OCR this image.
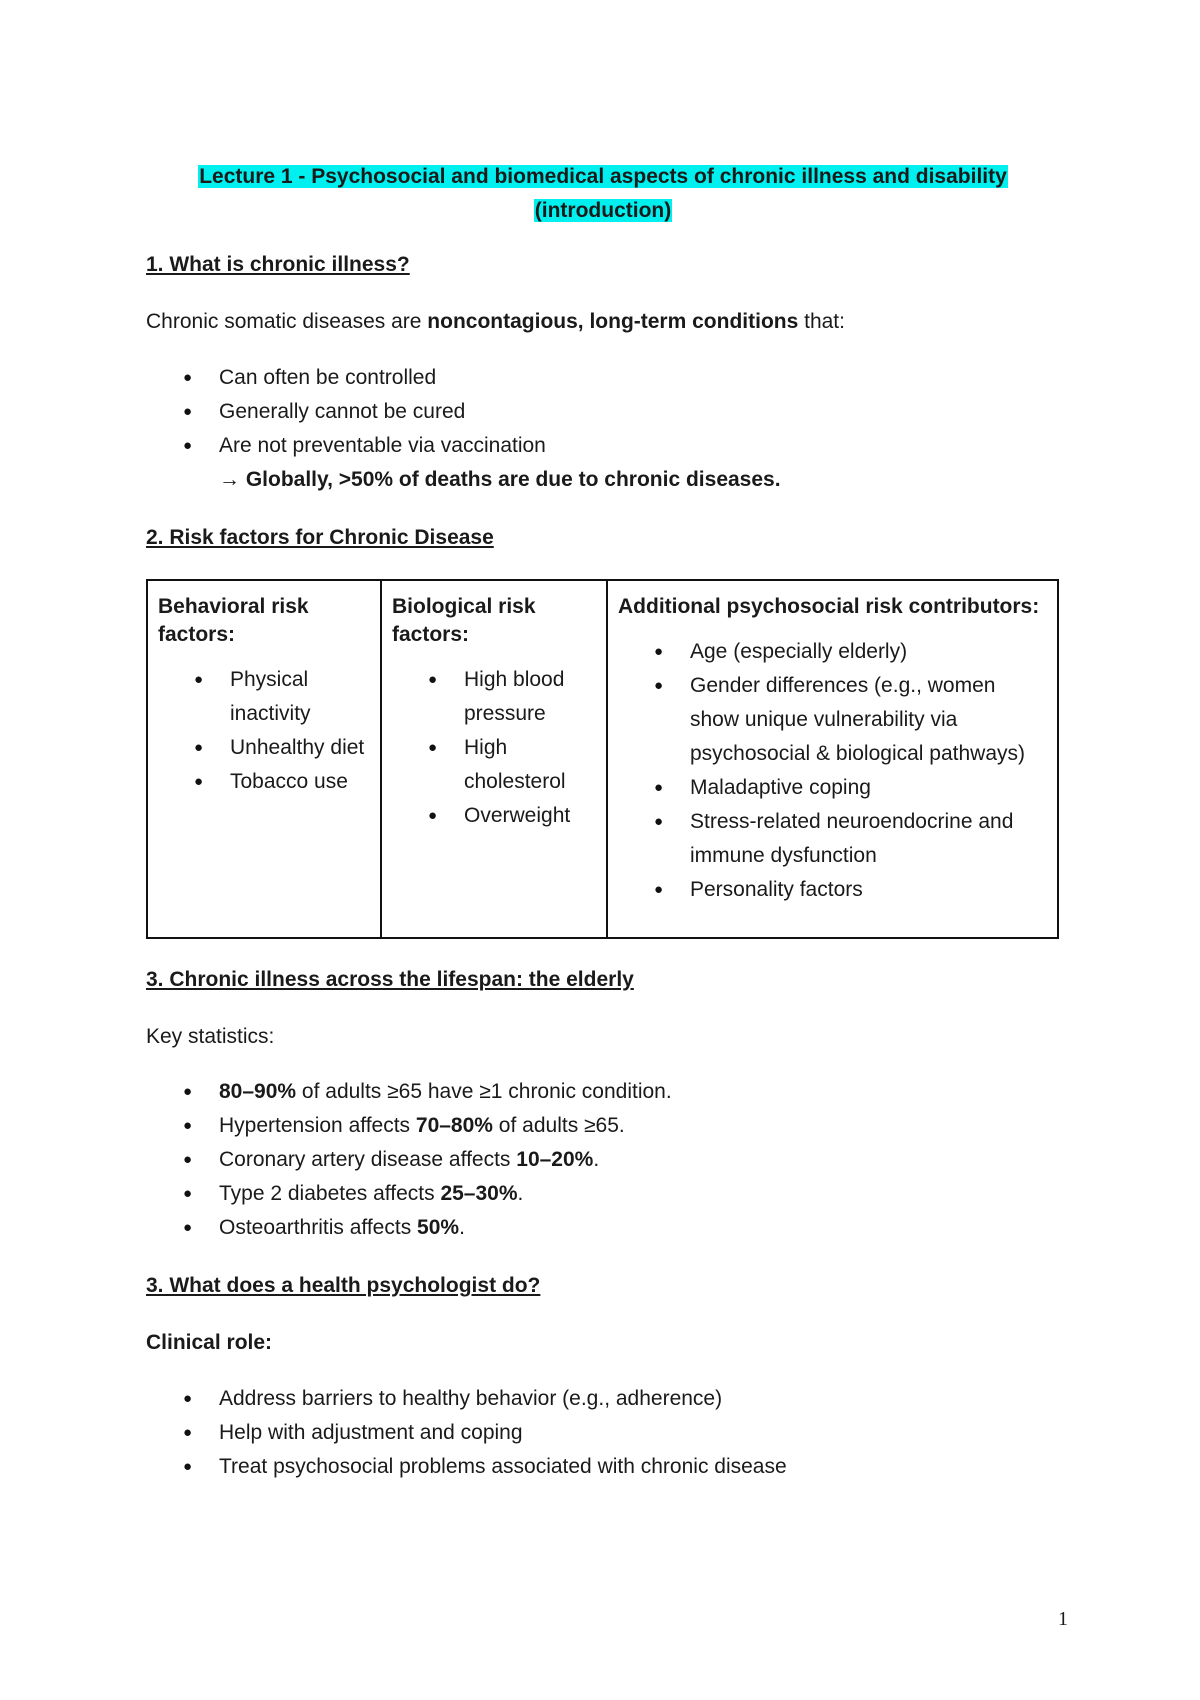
Lecture 1 - Psychosocial and biomedical aspects of chronic illness and disability
(introduction)
1. What is chronic illness?

Chronic somatic diseases are noncontagious, long-term conditions that:

● Can often be controlled
● Generally cannot be cured
● Are not preventable via vaccination
→ Globally, >50% of deaths are due to chronic diseases.
2. Risk factors for Chronic Disease
Behavioral risk factors:
● Physical inactivity
● Unhealthy diet
● Tobacco use

Biological risk factors:
● High blood pressure
● High cholesterol
● Overweight

Additional psychosocial risk contributors:
● Age (especially elderly)
● Gender differences (e.g., women show unique vulnerability via psychosocial & biological pathways)
● Maladaptive coping
● Stress-related neuroendocrine and immune dysfunction
● Personality factors
3. Chronic illness across the lifespan: the elderly

Key statistics:

● 80–90% of adults ≥65 have ≥1 chronic condition.
● Hypertension affects 70–80% of adults ≥65.
● Coronary artery disease affects 10–20%.
● Type 2 diabetes affects 25–30%.
● Osteoarthritis affects 50%.
3. What does a health psychologist do?

Clinical role:

● Address barriers to healthy behavior (e.g., adherence)
● Help with adjustment and coping
● Treat psychosocial problems associated with chronic disease
1
